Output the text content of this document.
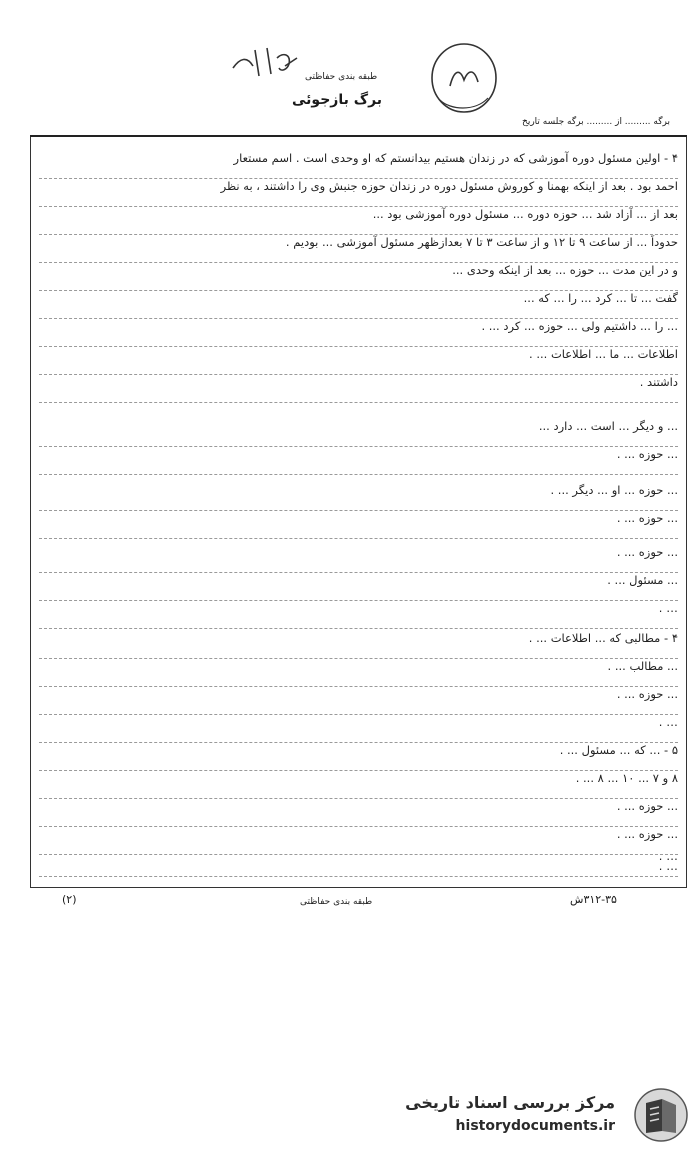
طبقه بندی حفاظتی
برگ بازجوئی
برگه ......... از ......... برگه جلسه تاریخ
۴ - اولین مسئول دوره آموزشی که در زندان هستیم بیدانستم که او وحدی است . اسم مستعار
احمد بود . بعد از اینکه بهمنا و کوروش مسئول دوره در زندان حوزه جنبش وی را داشتند ، به نظر
بعد از ... آزاد شد ... حوزه دوره ... مسئول دوره آموزشی بود ...
حدوداً ... از ساعت ۹ تا ۱۲ و از ساعت ۳ تا ۷ بعدازظهر مسئول آموزشی ... بودیم .
و در این مدت ... حوزه ... بعد از اینکه وحدی ...
گفت ... تا ... کرد ... را ... که ...
... را ... داشتیم ولی ... حوزه ... کرد ... .
اطلاعات ... ما ... اطلاعات ... .
داشتند .
... و دیگر ... است ... دارد ...
... حوزه ... .
... حوزه ... او ... دیگر ... .
... حوزه ... .
... حوزه ... .
... مسئول ... .
... .
۴ - مطالبی که ... اطلاعات ... .
... مطالب ... .
... حوزه ... .
... .
۵ - ... که ... مسئول ... .
۸ و ۷ ... ۱۰ ... ۸ ... .
... حوزه ... .
... حوزه ... .
... .
... .
(۲)	طبقه بندی حفاظتی	۳۱۲-۳۵ش
مرکز بررسی اسناد تاریخی
historydocuments.ir
